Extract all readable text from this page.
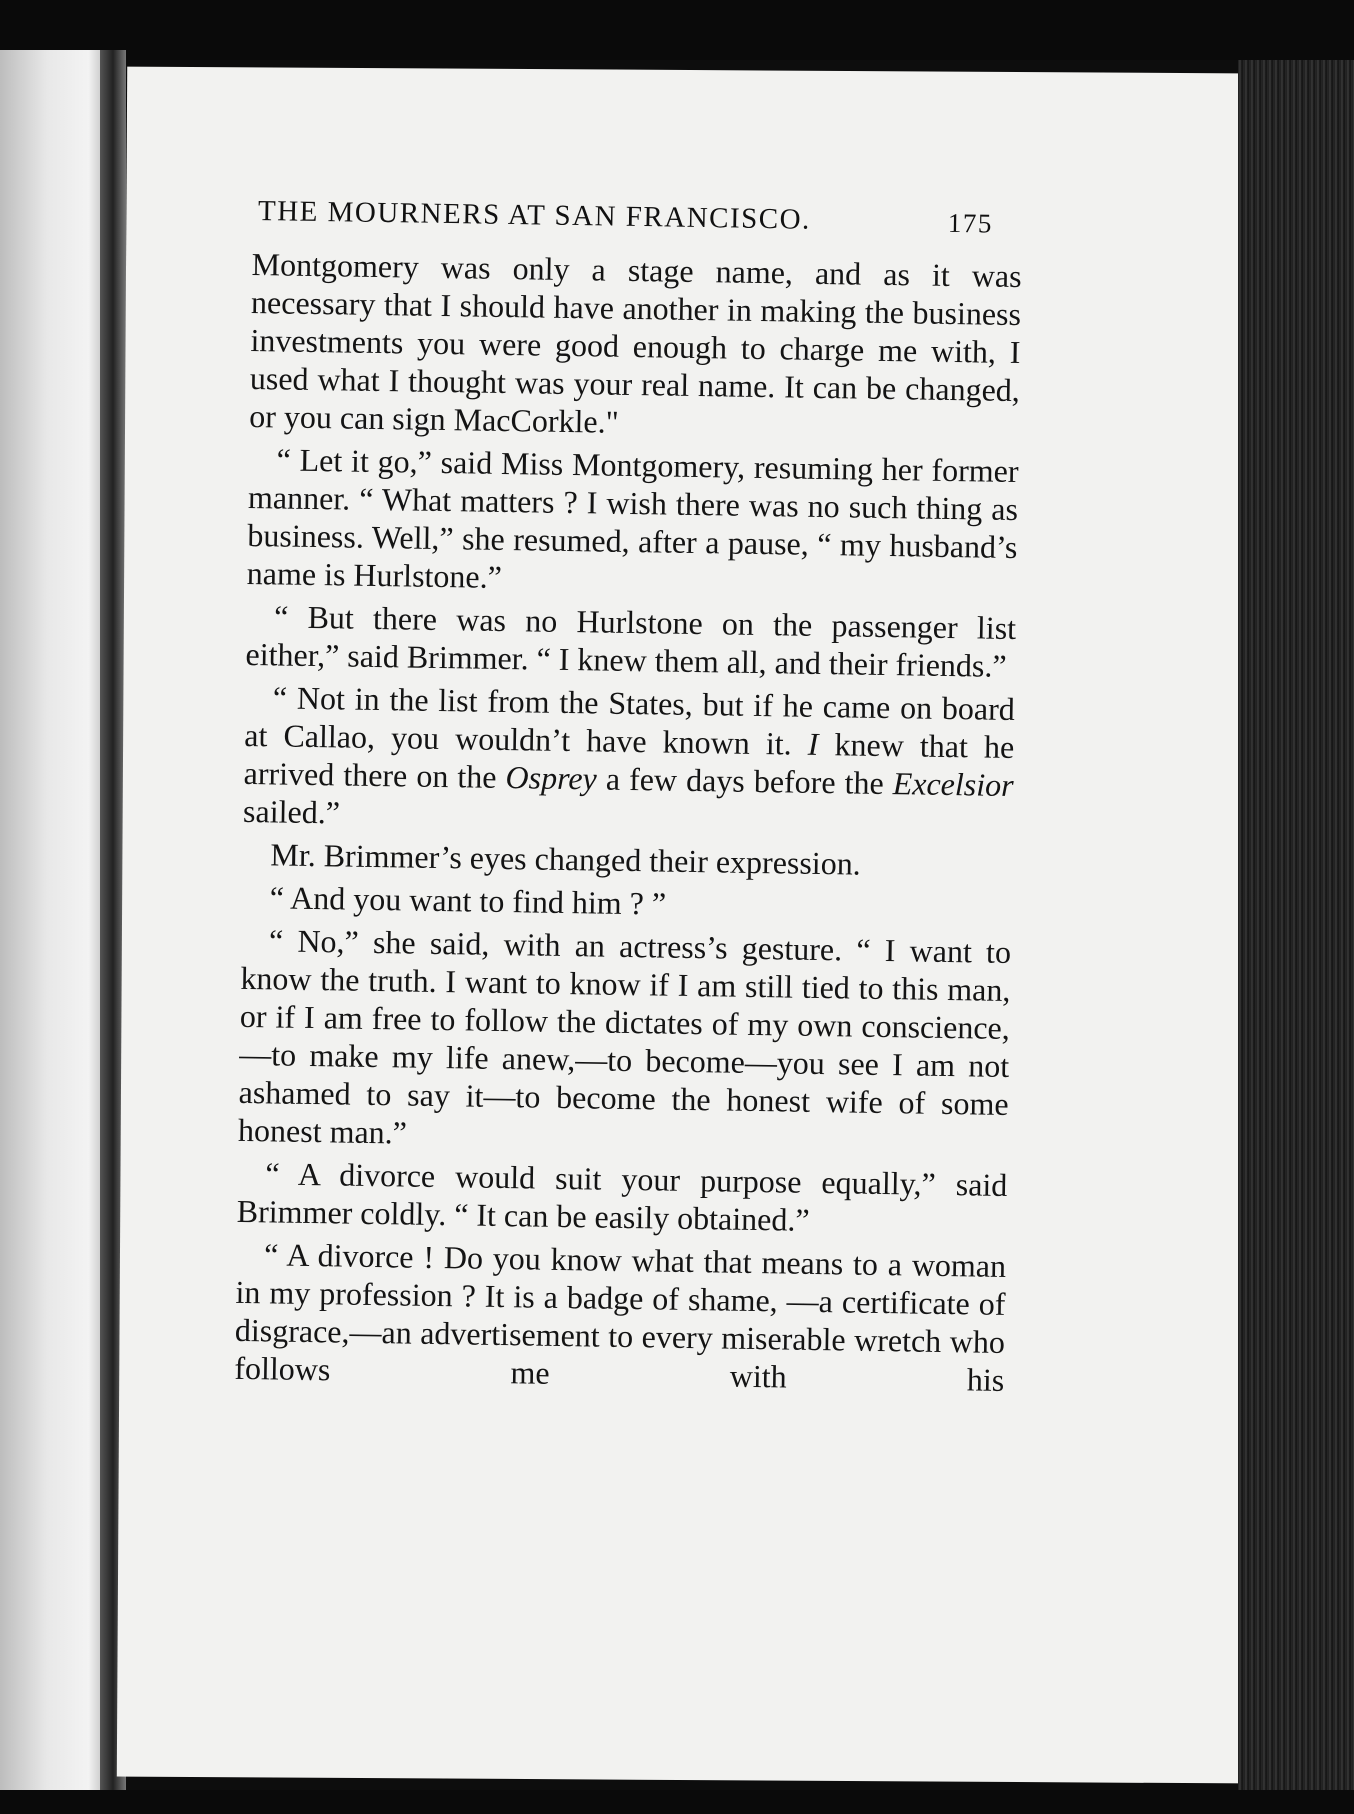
THE MOURNERS AT SAN FRANCISCO.	175

Montgomery was only a stage name, and as it was necessary that I should have another in making the business investments you were good enough to charge me with, I used what I thought was your real name. It can be changed, or you can sign MacCorkle."

“ Let it go,” said Miss Montgomery, resuming her former manner. “ What matters ? I wish there was no such thing as business. Well,” she resumed, after a pause, “ my husband’s name is Hurlstone.”

“ But there was no Hurlstone on the passenger list either,” said Brimmer. “ I knew them all, and their friends.”

“ Not in the list from the States, but if he came on board at Callao, you wouldn’t have known it. I knew that he arrived there on the Osprey a few days before the Excelsior sailed.”

Mr. Brimmer’s eyes changed their expression.

“ And you want to find him ? ”

“ No,” she said, with an actress’s gesture. “ I want to know the truth. I want to know if I am still tied to this man, or if I am free to follow the dictates of my own conscience,—to make my life anew,—to become—you see I am not ashamed to say it—to become the honest wife of some honest man.”

“ A divorce would suit your purpose equally,” said Brimmer coldly. “ It can be easily obtained.”

“ A divorce ! Do you know what that means to a woman in my profession ? It is a badge of shame, —a certificate of disgrace,—an advertisement to every miserable wretch who follows me with his
